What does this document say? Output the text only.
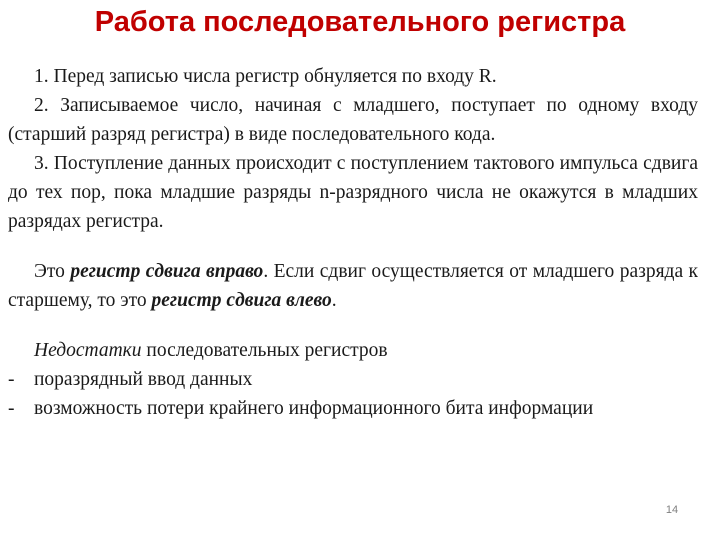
Работа последовательного регистра

1. Перед записью числа регистр обнуляется по входу R.

2. Записываемое число, начиная с младшего, поступает по одному входу (старший разряд регистра) в виде последовательного кода.

3. Поступление данных происходит с поступлением тактового импульса сдвига до тех пор, пока младшие разряды n-разрядного числа не окажутся в младших разрядах регистра.

Это регистр сдвига вправо. Если сдвиг осуществляется от младшего разряда к старшему, то это регистр сдвига влево.

Недостатки последовательных регистров

-	поразрядный ввод данных
-	возможность потери крайнего информационного бита информации
14
